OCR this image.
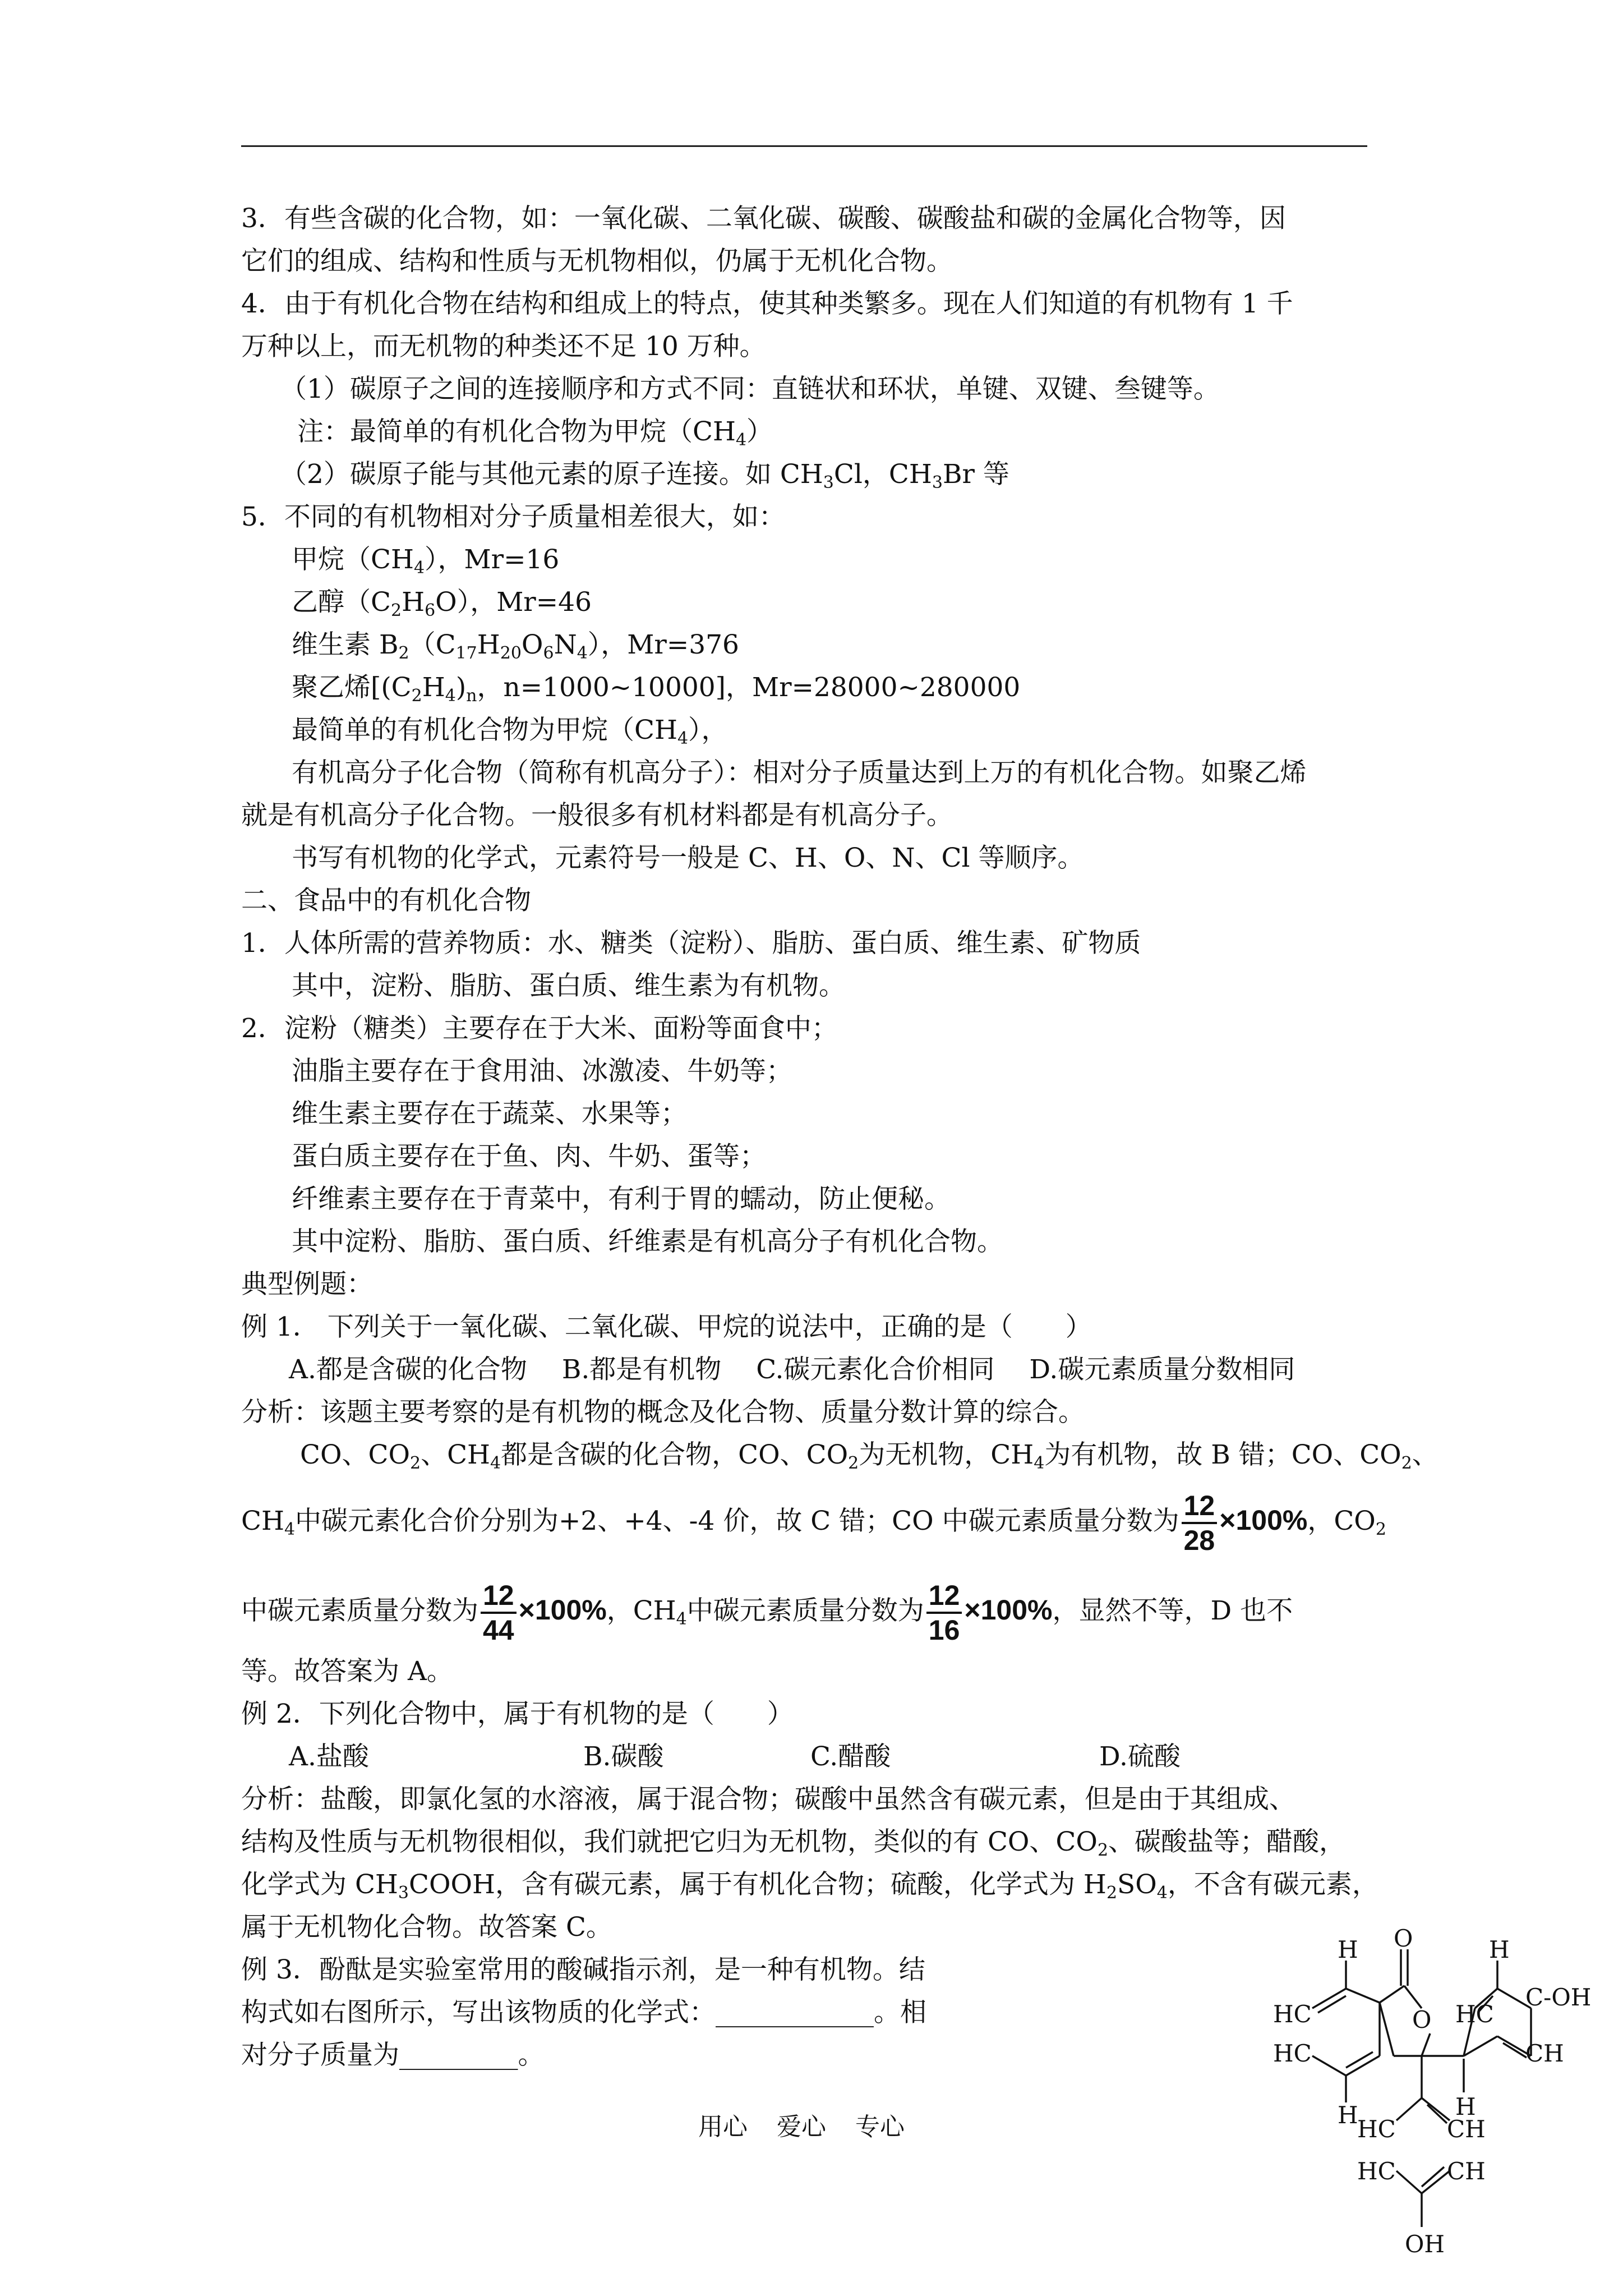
3．有些含碳的化合物，如：一氧化碳、二氧化碳、碳酸、碳酸盐和碳的金属化合物等，因
它们的组成、结构和性质与无机物相似，仍属于无机化合物。
4．由于有机化合物在结构和组成上的特点，使其种类繁多。现在人们知道的有机物有 1 千
万种以上，而无机物的种类还不足 10 万种。
（1）碳原子之间的连接顺序和方式不同：直链状和环状，单键、双键、叁键等。
注：最简单的有机化合物为甲烷$(CH_4)$
（2）碳原子能与其他元素的原子连接。如 $CH_3Cl$，$CH_3Br$ 等
5．不同的有机物相对分子质量相差很大，如：
甲烷$(CH_4)$，Mr=16
乙醇$(C_2H_6O)$，Mr=46
维生素 $B_2(C_{17}H_{20}O_6N_4)$，Mr=376
聚乙烯[$(C_2H_4)_n$，n=1000~10000]，Mr=28000~280000
最简单的有机化合物为甲烷$(CH_4)$，
有机高分子化合物（简称有机高分子）：相对分子质量达到上万的有机化合物。如聚乙烯
就是有机高分子化合物。一般很多有机材料都是有机高分子。
书写有机物的化学式，元素符号一般是 C、H、O、N、Cl 等顺序。
二、食品中的有机化合物
1．人体所需的营养物质：水、糖类（淀粉）、脂肪、蛋白质、维生素、矿物质
其中，淀粉、脂肪、蛋白质、维生素为有机物。
2．淀粉（糖类）主要存在于大米、面粉等面食中；
油脂主要存在于食用油、冰激凌、牛奶等；
维生素主要存在于蔬菜、水果等；
蛋白质主要存在于鱼、肉、牛奶、蛋等；
纤维素主要存在于青菜中，有利于胃的蠕动，防止便秘。
其中淀粉、脂肪、蛋白质、纤维素是有机高分子有机化合物。
典型例题：
例 1． 下列关于一氧化碳、二氧化碳、甲烷的说法中，正确的是（　　）
A.都是含碳的化合物　 B.都是有机物　 C.碳元素化合价相同　 D.碳元素质量分数相同
分析：该题主要考察的是有机物的概念及化合物、质量分数计算的综合。
CO、$CO_2$、$CH_4$都是含碳的化合物，CO、$CO_2$为无机物，$CH_4$为有机物，故 B 错；CO、$CO_2$、
$CH_4$中碳元素化合价分别为+2、+4、-4 价，故 C 错；CO 中碳元素质量分数为 $\frac{12}{28} \times 100\%$，$CO_2$
中碳元素质量分数为 $\frac{12}{44} \times 100\%$，$CH_4$中碳元素质量分数为 $\frac{12}{16} \times 100\%$，显然不等，D 也不
等。故答案为 A。
例 2．下列化合物中，属于有机物的是（　　）
A.盐酸	B.碳酸	C.醋酸	D.硫酸
分析：盐酸，即氯化氢的水溶液，属于混合物；碳酸中虽然含有碳元素，但是由于其组成、
结构及性质与无机物很相似，我们就把它归为无机物，类似的有 CO、$CO_2$、碳酸盐等；醋酸，
化学式为 $CH_3COOH$，含有碳元素，属于有机化合物；硫酸，化学式为 $H_2SO_4$，不含有碳元素，
属于无机物化合物。故答案 C。
例 3．酚酞是实验室常用的酸碱指示剂，是一种有机物。结
构式如右图所示，写出该物质的化学式：____________。相
对分子质量为_________。
O
O
H
HC
HC
H
H
C-OH
HC
CH
H
HC CH
HC CH
OH
用心 爱心 专心
